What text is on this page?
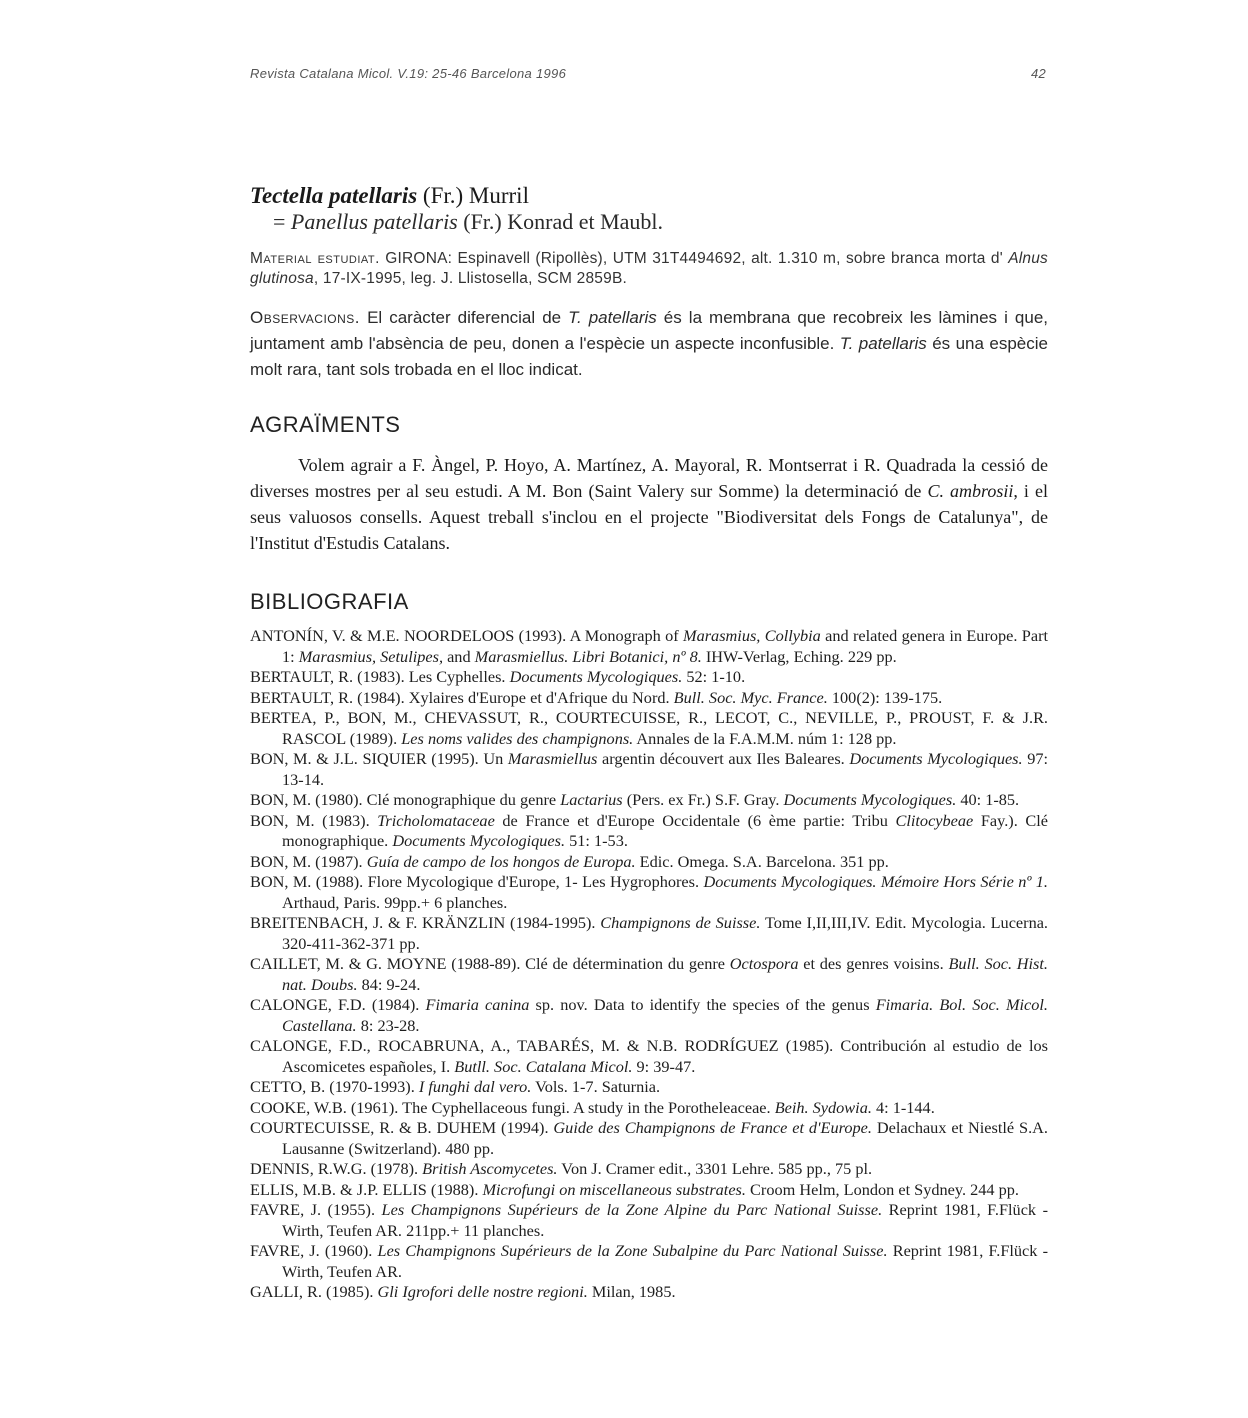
Revista Catalana Micol. V.19: 25-46 Barcelona 1996	42

Tectella patellaris (Fr.) Murril

= Panellus patellaris (Fr.) Konrad et Maubl.

Material estudiat. GIRONA: Espinavell (Ripollès), UTM 31T4494692, alt. 1.310 m, sobre branca morta d' Alnus glutinosa, 17-IX-1995, leg. J. Llistosella, SCM 2859B.

Observacions. El caràcter diferencial de T. patellaris és la membrana que recobreix les làmines i que, juntament amb l'absència de peu, donen a l'espècie un aspecte inconfusible. T. patellaris és una espècie molt rara, tant sols trobada en el lloc indicat.

AGRAÏMENTS

Volem agrair a F. Àngel, P. Hoyo, A. Martínez, A. Mayoral, R. Montserrat i R. Quadrada la cessió de diverses mostres per al seu estudi. A M. Bon (Saint Valery sur Somme) la determinació de C. ambrosii, i el seus valuosos consells. Aquest treball s'inclou en el projecte "Biodiversitat dels Fongs de Catalunya", de l'Institut d'Estudis Catalans.

BIBLIOGRAFIA
ANTONÍN, V. & M.E. NOORDELOOS (1993). A Monograph of Marasmius, Collybia and related genera in Europe. Part 1: Marasmius, Setulipes, and Marasmiellus. Libri Botanici, nº 8. IHW-Verlag, Eching. 229 pp.
BERTAULT, R. (1983). Les Cyphelles. Documents Mycologiques. 52: 1-10.
BERTAULT, R. (1984). Xylaires d'Europe et d'Afrique du Nord. Bull. Soc. Myc. France. 100(2): 139-175.
BERTEA, P., BON, M., CHEVASSUT, R., COURTECUISSE, R., LECOT, C., NEVILLE, P., PROUST, F. & J.R. RASCOL (1989). Les noms valides des champignons. Annales de la F.A.M.M. núm 1: 128 pp.
BON, M. & J.L. SIQUIER (1995). Un Marasmiellus argentin découvert aux Iles Baleares. Documents Mycologiques. 97: 13-14.
BON, M. (1980). Clé monographique du genre Lactarius (Pers. ex Fr.) S.F. Gray. Documents Mycologiques. 40: 1-85.
BON, M. (1983). Tricholomataceae de France et d'Europe Occidentale (6 ème partie: Tribu Clitocybeae Fay.). Clé monographique. Documents Mycologiques. 51: 1-53.
BON, M. (1987). Guía de campo de los hongos de Europa. Edic. Omega. S.A. Barcelona. 351 pp.
BON, M. (1988). Flore Mycologique d'Europe, 1- Les Hygrophores. Documents Mycologiques. Mémoire Hors Série nº 1. Arthaud, Paris. 99pp.+ 6 planches.
BREITENBACH, J. & F. KRÄNZLIN (1984-1995). Champignons de Suisse. Tome I,II,III,IV. Edit. Mycologia. Lucerna. 320-411-362-371 pp.
CAILLET, M. & G. MOYNE (1988-89). Clé de détermination du genre Octospora et des genres voisins. Bull. Soc. Hist. nat. Doubs. 84: 9-24.
CALONGE, F.D. (1984). Fimaria canina sp. nov. Data to identify the species of the genus Fimaria. Bol. Soc. Micol. Castellana. 8: 23-28.
CALONGE, F.D., ROCABRUNA, A., TABARÉS, M. & N.B. RODRÍGUEZ (1985). Contribución al estudio de los Ascomicetes españoles, I. Butll. Soc. Catalana Micol. 9: 39-47.
CETTO, B. (1970-1993). I funghi dal vero. Vols. 1-7. Saturnia.
COOKE, W.B. (1961). The Cyphellaceous fungi. A study in the Porotheleaceae. Beih. Sydowia. 4: 1-144.
COURTECUISSE, R. & B. DUHEM (1994). Guide des Champignons de France et d'Europe. Delachaux et Niestlé S.A. Lausanne (Switzerland). 480 pp.
DENNIS, R.W.G. (1978). British Ascomycetes. Von J. Cramer edit., 3301 Lehre. 585 pp., 75 pl.
ELLIS, M.B. & J.P. ELLIS (1988). Microfungi on miscellaneous substrates. Croom Helm, London et Sydney. 244 pp.
FAVRE, J. (1955). Les Champignons Supérieurs de la Zone Alpine du Parc National Suisse. Reprint 1981, F.Flück - Wirth, Teufen AR. 211pp.+ 11 planches.
FAVRE, J. (1960). Les Champignons Supérieurs de la Zone Subalpine du Parc National Suisse. Reprint 1981, F.Flück - Wirth, Teufen AR.
GALLI, R. (1985). Gli Igrofori delle nostre regioni. Milan, 1985.
